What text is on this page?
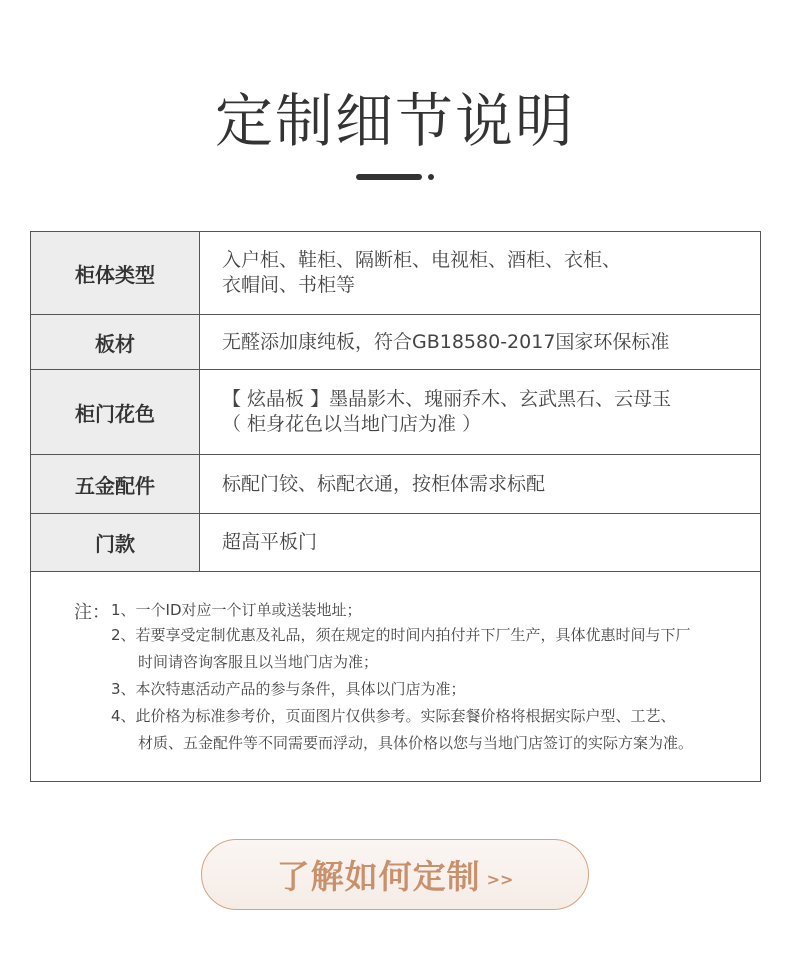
定制细节说明
柜体类型	入户柜、鞋柜、隔断柜、电视柜、酒柜、衣柜、
衣帽间、书柜等

板材	无醛添加康纯板，符合GB18580-2017国家环保标准

柜门花色	【 炫晶板 】墨晶影木、瑰丽乔木、玄武黑石、云母玉
（ 柜身花色以当地门店为准 ）

五金配件	标配门铰、标配衣通，按柜体需求标配

门款	超高平板门
注： 1、一个ID对应一个订单或送装地址；
2、若要享受定制优惠及礼品，须在规定的时间内拍付并下厂生产，具体优惠时间与下厂
时间请咨询客服且以当地门店为准；
3、本次特惠活动产品的参与条件，具体以门店为准；
4、此价格为标准参考价，页面图片仅供参考。实际套餐价格将根据实际户型、工艺、
材质、五金配件等不同需要而浮动，具体价格以您与当地门店签订的实际方案为准。
了解如何定制 >>
